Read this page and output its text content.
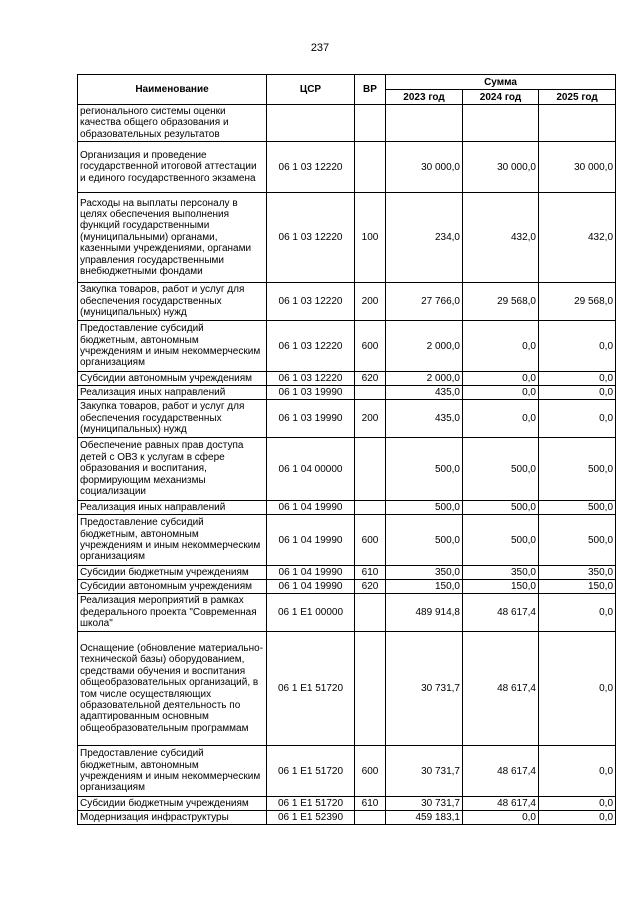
237
Наименование	ЦСР	ВР	Сумма		
			2023 год	2024 год	2025 год
регионального системы оценки качества общего образования и образовательных результатов					
Организация и проведение государственной итоговой аттестации и единого государственного экзамена	06 1 03 12220		30 000,0	30 000,0	30 000,0
Расходы на выплаты персоналу в целях обеспечения выполнения функций государственными (муниципальными) органами, казенными учреждениями, органами управления государственными внебюджетными фондами	06 1 03 12220	100	234,0	432,0	432,0
Закупка товаров, работ и услуг для обеспечения государственных (муниципальных) нужд	06 1 03 12220	200	27 766,0	29 568,0	29 568,0
Предоставление субсидий бюджетным, автономным учреждениям и иным некоммерческим организациям	06 1 03 12220	600	2 000,0	0,0	0,0
Субсидии автономным учреждениям	06 1 03 12220	620	2 000,0	0,0	0,0
Реализация иных направлений	06 1 03 19990		435,0	0,0	0,0
Закупка товаров, работ и услуг для обеспечения государственных (муниципальных) нужд	06 1 03 19990	200	435,0	0,0	0,0
Обеспечение равных прав доступа детей с ОВЗ к услугам в сфере образования и воспитания, формирующим механизмы социализации	06 1 04 00000		500,0	500,0	500,0
Реализация иных направлений	06 1 04 19990		500,0	500,0	500,0
Предоставление субсидий бюджетным, автономным учреждениям и иным некоммерческим организациям	06 1 04 19990	600	500,0	500,0	500,0
Субсидии бюджетным учреждениям	06 1 04 19990	610	350,0	350,0	350,0
Субсидии автономным учреждениям	06 1 04 19990	620	150,0	150,0	150,0
Реализация мероприятий в рамках федерального проекта "Современная школа"	06 1 E1 00000		489 914,8	48 617,4	0,0
Оснащение (обновление материально-технической базы) оборудованием, средствами обучения и воспитания общеобразовательных организаций, в том числе осуществляющих образовательной деятельность по адаптированным основным общеобразовательным программам	06 1 E1 51720		30 731,7	48 617,4	0,0
Предоставление субсидий бюджетным, автономным учреждениям и иным некоммерческим организациям	06 1 E1 51720	600	30 731,7	48 617,4	0,0
Субсидии бюджетным учреждениям	06 1 E1 51720	610	30 731,7	48 617,4	0,0
Модернизация инфраструктуры	06 1 E1 52390		459 183,1	0,0	0,0
